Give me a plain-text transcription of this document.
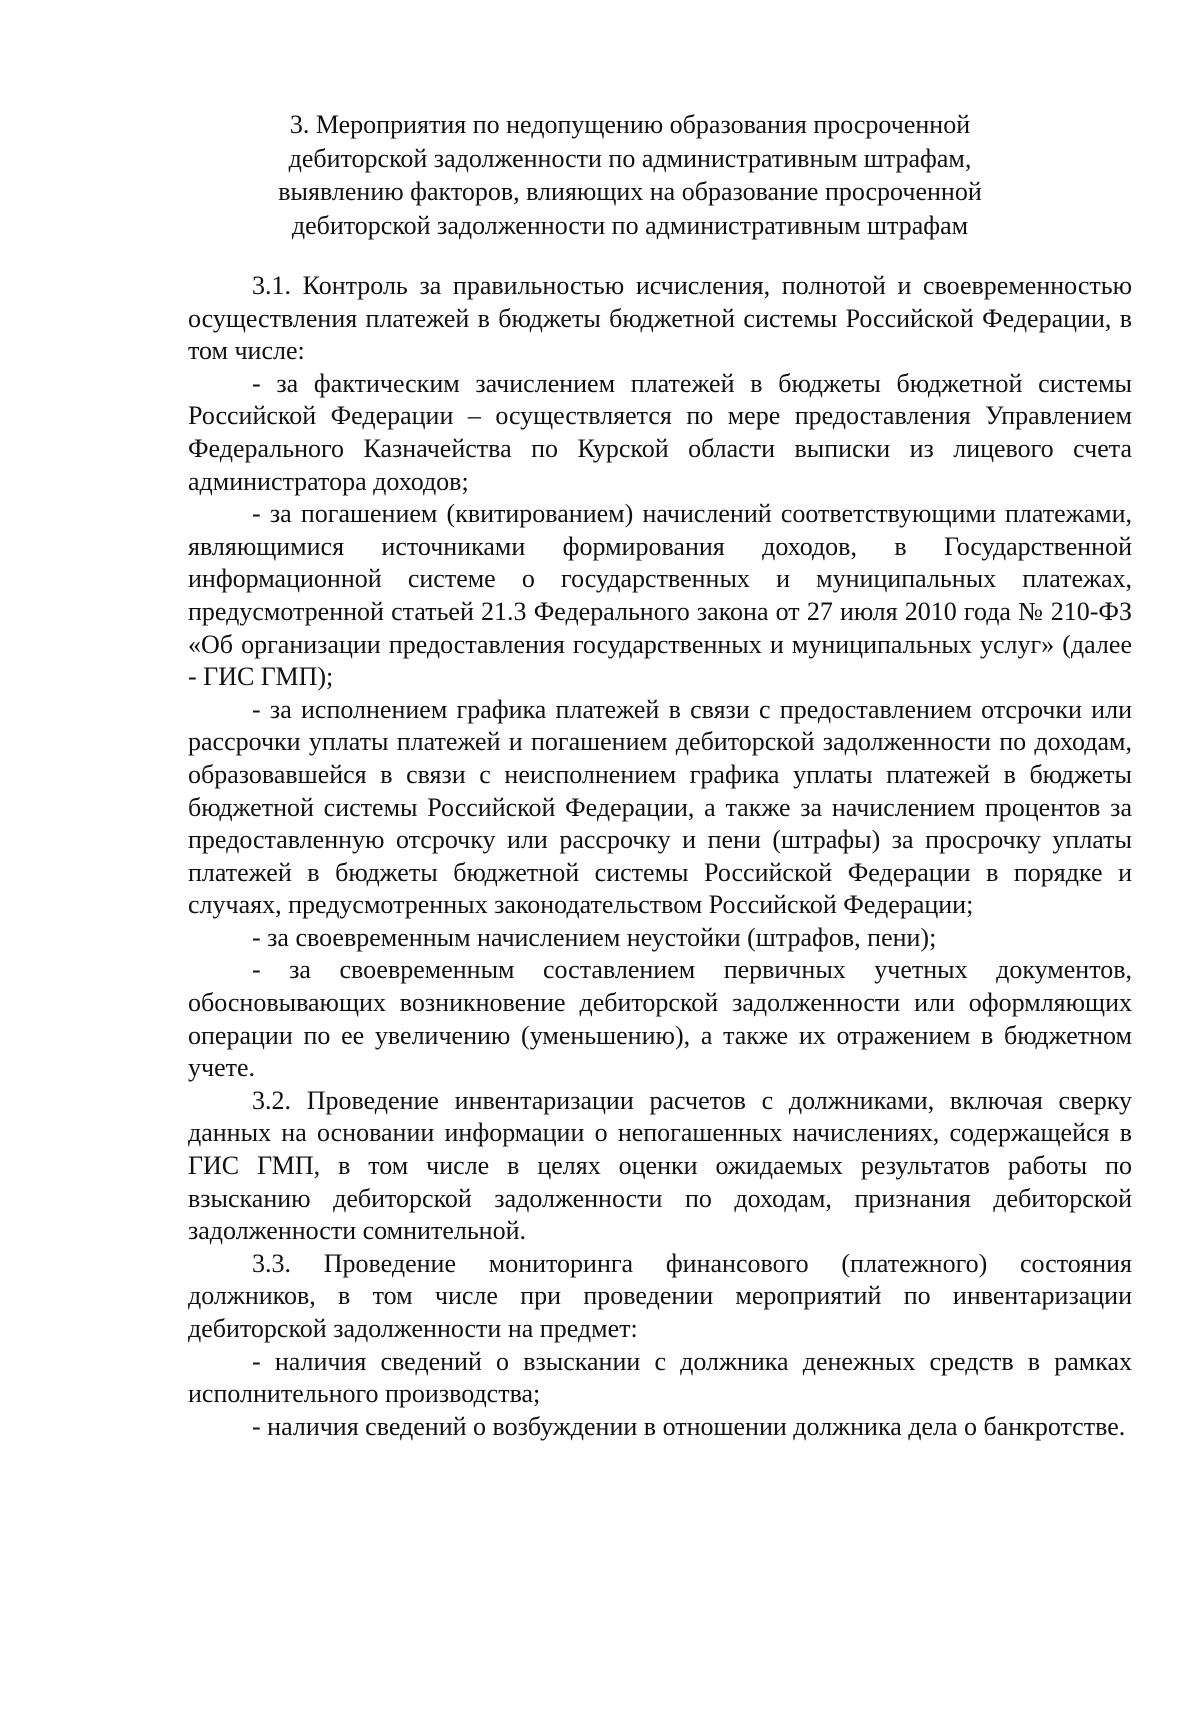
3. Мероприятия по недопущению образования просроченной
дебиторской задолженности по административным штрафам,
выявлению факторов, влияющих на образование просроченной
дебиторской задолженности по административным штрафам

3.1. Контроль за правильностью исчисления, полнотой и своевременностью осуществления платежей в бюджеты бюджетной системы Российской Федерации, в том числе:

- за фактическим зачислением платежей в бюджеты бюджетной системы Российской Федерации – осуществляется по мере предоставления Управлением Федерального Казначейства по Курской области выписки из лицевого счета администратора доходов;

- за погашением (квитированием) начислений соответствующими платежами, являющимися источниками формирования доходов, в Государственной информационной системе о государственных и муниципальных платежах, предусмотренной статьей 21.3 Федерального закона от 27 июля 2010 года № 210-ФЗ «Об организации предоставления государственных и муниципальных услуг» (далее - ГИС ГМП);

- за исполнением графика платежей в связи с предоставлением отсрочки или рассрочки уплаты платежей и погашением дебиторской задолженности по доходам, образовавшейся в связи с неисполнением графика уплаты платежей в бюджеты бюджетной системы Российской Федерации, а также за начислением процентов за предоставленную отсрочку или рассрочку и пени (штрафы) за просрочку уплаты платежей в бюджеты бюджетной системы Российской Федерации в порядке и случаях, предусмотренных законодательством Российской Федерации;

- за своевременным начислением неустойки (штрафов, пени);

- за своевременным составлением первичных учетных документов, обосновывающих возникновение дебиторской задолженности или оформляющих операции по ее увеличению (уменьшению), а также их отражением в бюджетном учете.

3.2. Проведение инвентаризации расчетов с должниками, включая сверку данных на основании информации о непогашенных начислениях, содержащейся в ГИС ГМП, в том числе в целях оценки ожидаемых результатов работы по взысканию дебиторской задолженности по доходам, признания дебиторской задолженности сомнительной.

3.3. Проведение мониторинга финансового (платежного) состояния должников, в том числе при проведении мероприятий по инвентаризации дебиторской задолженности на предмет:

- наличия сведений о взыскании с должника денежных средств в рамках исполнительного производства;

- наличия сведений о возбуждении в отношении должника дела о банкротстве.
